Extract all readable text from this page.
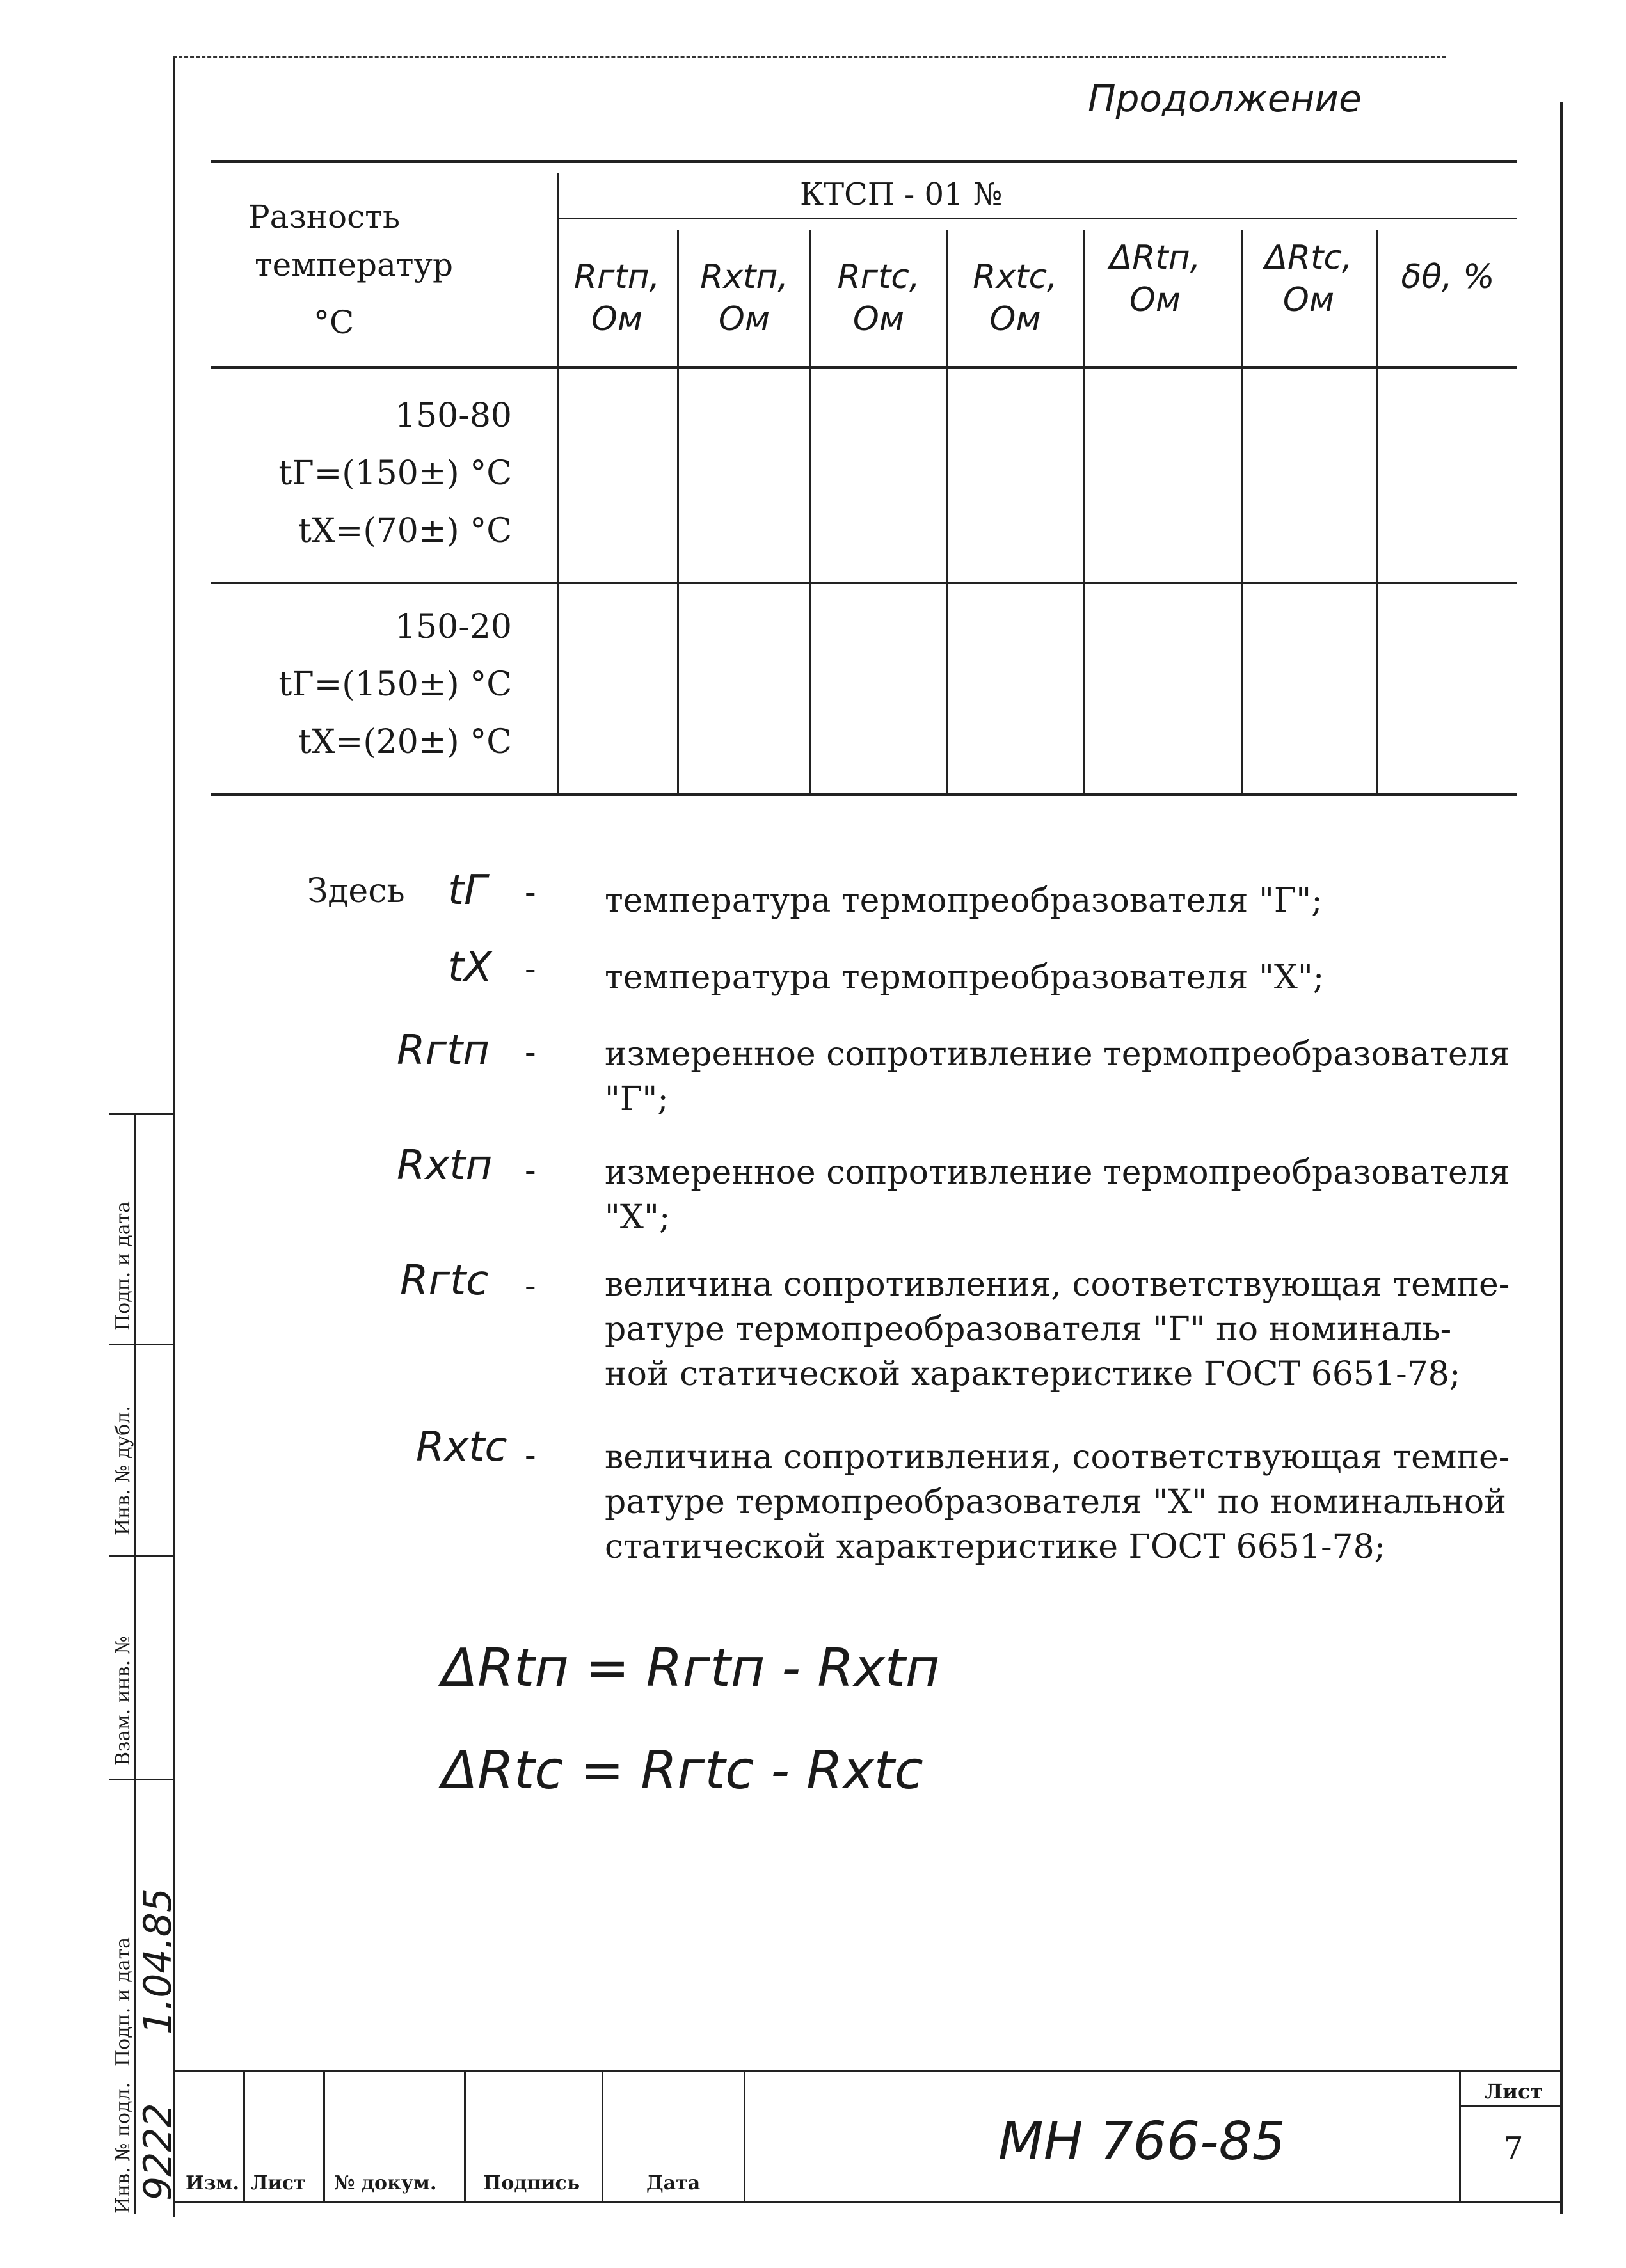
Продолжение
Разность
температур
°C
КТСП - 01 №
Rгtп, Ом
Rхtп, Ом
Rгtс, Ом
Rхtс, Ом
ΔRtп, Ом
ΔRtс, Ом
δθ, %
150-80
tГ=(150±) °C
tХ=(70±) °C
150-20
tГ=(150±) °C
tХ=(20±) °C
Здесь tГ - температура термопреобразователя "Г";
tХ - температура термопреобразователя "Х";
Rгtп - измеренное сопротивление термопреобразователя
"Г";
Rхtп - измеренное сопротивление термопреобразователя
"Х";
Rгtс - величина сопротивления, соответствующая темпе-
ратуре термопреобразователя "Г" по номиналь-
ной статической характеристике ГОСТ 6651-78;
Rхtс - величина сопротивления, соответствующая темпе-
ратуре термопреобразователя "Х" по номинальной
статической характеристике ГОСТ 6651-78;
ΔRtп = Rгtп - Rхtп
ΔRtс = Rгtс - Rхtс
Инв. № подл.
Подп. и дата
Взам. инв. №
Инв. № дубл.
Подп. и дата
9222
1.04.85
Изм. Лист № докум. Подпись	Дата
МН 766-85
Лист
7
